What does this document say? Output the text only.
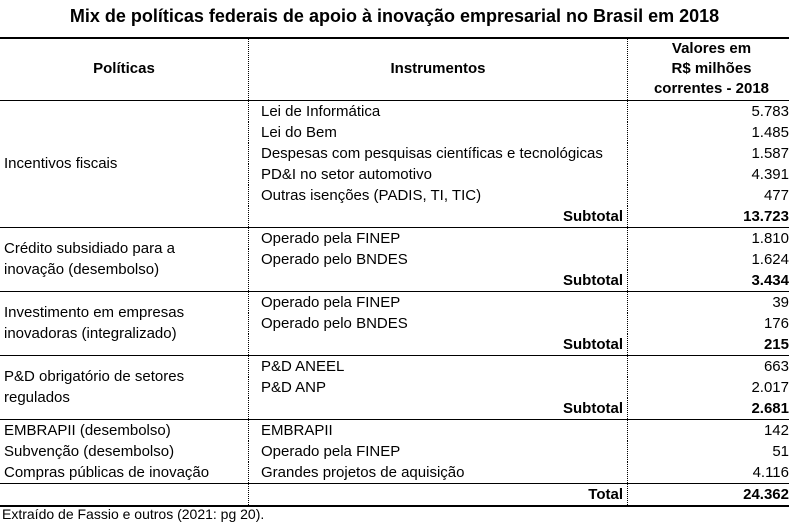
Mix de políticas federais de apoio à inovação empresarial no Brasil em 2018
Políticas	Instrumentos	Valores em
R$ milhões
correntes - 2018

Incentivos fiscais	Lei de Informática	5.783
	Lei do Bem	1.485
	Despesas com pesquisas científicas e tecnológicas	1.587
	PD&I no setor automotivo	4.391
	Outras isenções (PADIS, TI, TIC)	477
	Subtotal	13.723

Crédito subsidiado para a
inovação (desembolso)	Operado pela FINEP	1.810
	Operado pelo BNDES	1.624
	Subtotal	3.434

Investimento em empresas
inovadoras (integralizado)	Operado pela FINEP	39
	Operado pelo BNDES	176
	Subtotal	215

P&D obrigatório de setores
regulados	P&D ANEEL	663
	P&D ANP	2.017
	Subtotal	2.681
EMBRAPII (desembolso)	EMBRAPII	142
Subvenção (desembolso)	Operado pela FINEP	51
Compras públicas de inovação	Grandes projetos de aquisição	4.116
	Total	24.362
Extraído de Fassio e outros (2021: pg 20).
